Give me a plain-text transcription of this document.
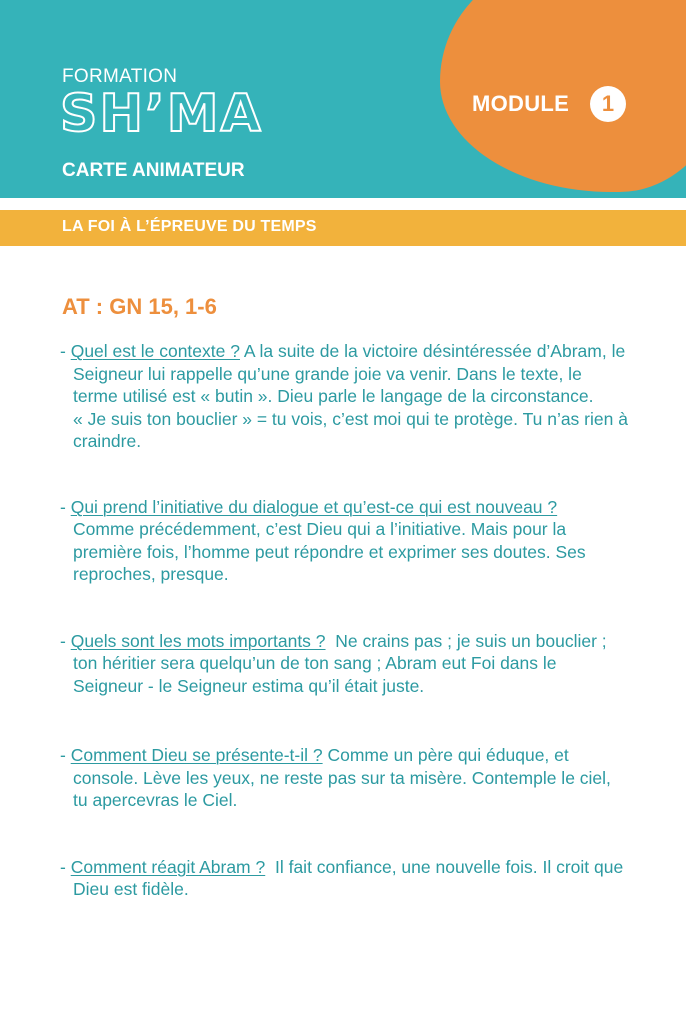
FORMATION
SH’MA
CARTE ANIMATEUR
MODULE	1
LA FOI À L’ÉPREUVE DU TEMPS
AT : GN 15, 1-6

- Quel est le contexte ? A la suite de la victoire désintéressée d’Abram, le Seigneur lui rappelle qu’une grande joie va venir. Dans le texte, le terme utilisé est « butin ». Dieu parle le langage de la circonstance.
« Je suis ton bouclier » = tu vois, c’est moi qui te protège. Tu n’as rien à craindre.

- Qui prend l’initiative du dialogue et qu’est-ce qui est nouveau ?
Comme précédemment, c’est Dieu qui a l’initiative. Mais pour la première fois, l’homme peut répondre et exprimer ses doutes. Ses reproches, presque.

- Quels sont les mots importants ? Ne crains pas ; je suis un bouclier ; ton héritier sera quelqu’un de ton sang ; Abram eut Foi dans le Seigneur - le Seigneur estima qu’il était juste.

- Comment Dieu se présente-t-il ? Comme un père qui éduque, et console. Lève les yeux, ne reste pas sur ta misère. Contemple le ciel, tu apercevras le Ciel.

- Comment réagit Abram ? Il fait confiance, une nouvelle fois. Il croit que Dieu est fidèle.
